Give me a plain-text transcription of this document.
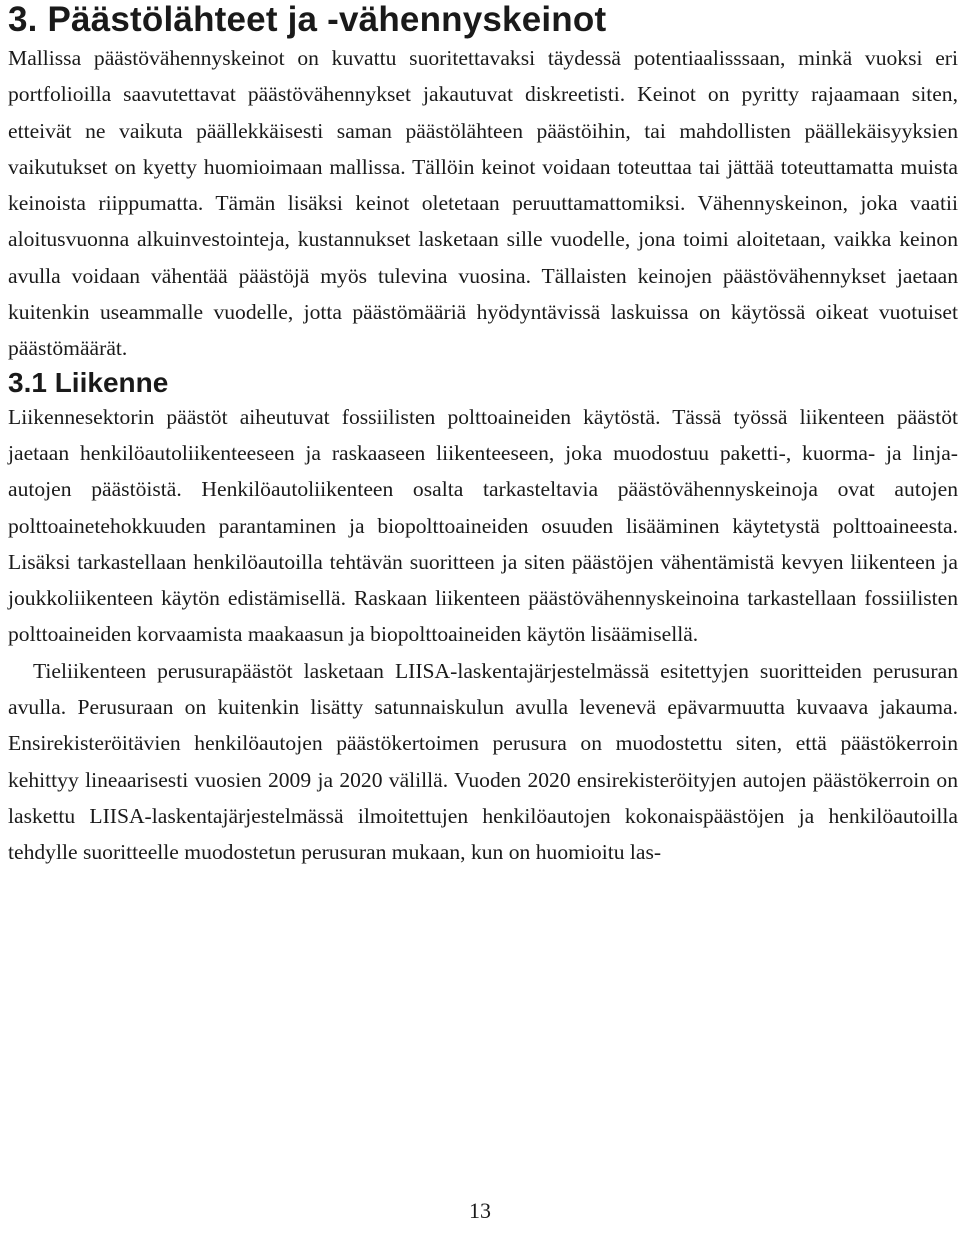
3. Päästölähteet ja -vähennyskeinot

Mallissa päästövähennyskeinot on kuvattu suoritettavaksi täydessä potentiaalisssaan, minkä vuoksi eri portfolioilla saavutettavat päästövähennykset jakautuvat diskreetisti. Keinot on pyritty rajaamaan siten, etteivät ne vaikuta päällekkäisesti saman päästölähteen päästöihin, tai mahdollisten päällekäisyyksien vaikutukset on kyetty huomioimaan mallissa. Tällöin keinot voidaan toteuttaa tai jättää toteuttamatta muista keinoista riippumatta. Tämän lisäksi keinot oletetaan peruuttamattomiksi. Vähennyskeinon, joka vaatii aloitusvuonna alkuinvestointeja, kustannukset lasketaan sille vuodelle, jona toimi aloitetaan, vaikka keinon avulla voidaan vähentää päästöjä myös tulevina vuosina. Tällaisten keinojen päästövähennykset jaetaan kuitenkin useammalle vuodelle, jotta päästömääriä hyödyntävissä laskuissa on käytössä oikeat vuotuiset päästömäärät.

3.1 Liikenne

Liikennesektorin päästöt aiheutuvat fossiilisten polttoaineiden käytöstä. Tässä työssä liikenteen päästöt jaetaan henkilöautoliikenteeseen ja raskaaseen liikenteeseen, joka muodostuu paketti-, kuorma- ja linja-autojen päästöistä. Henkilöautoliikenteen osalta tarkasteltavia päästövähennyskeinoja ovat autojen polttoainetehokkuuden parantaminen ja biopolttoaineiden osuuden lisääminen käytetystä polttoaineesta. Lisäksi tarkastellaan henkilöautoilla tehtävän suoritteen ja siten päästöjen vähentämistä kevyen liikenteen ja joukkoliikenteen käytön edistämisellä. Raskaan liikenteen päästövähennyskeinoina tarkastellaan fossiilisten polttoaineiden korvaamista maakaasun ja biopolttoaineiden käytön lisäämisellä.

Tieliikenteen perusurapäästöt lasketaan LIISA-laskentajärjestelmässä esitettyjen suoritteiden perusuran avulla. Perusuraan on kuitenkin lisätty satunnaiskulun avulla levenevä epävarmuutta kuvaava jakauma. Ensirekisteröitävien henkilöautojen päästökertoimen perusura on muodostettu siten, että päästökerroin kehittyy lineaarisesti vuosien 2009 ja 2020 välillä. Vuoden 2020 ensirekisteröityjen autojen päästökerroin on laskettu LIISA-laskentajärjestelmässä ilmoitettujen henkilöautojen kokonaispäästöjen ja henkilöautoilla tehdylle suoritteelle muodostetun perusuran mukaan, kun on huomioitu las-

13
